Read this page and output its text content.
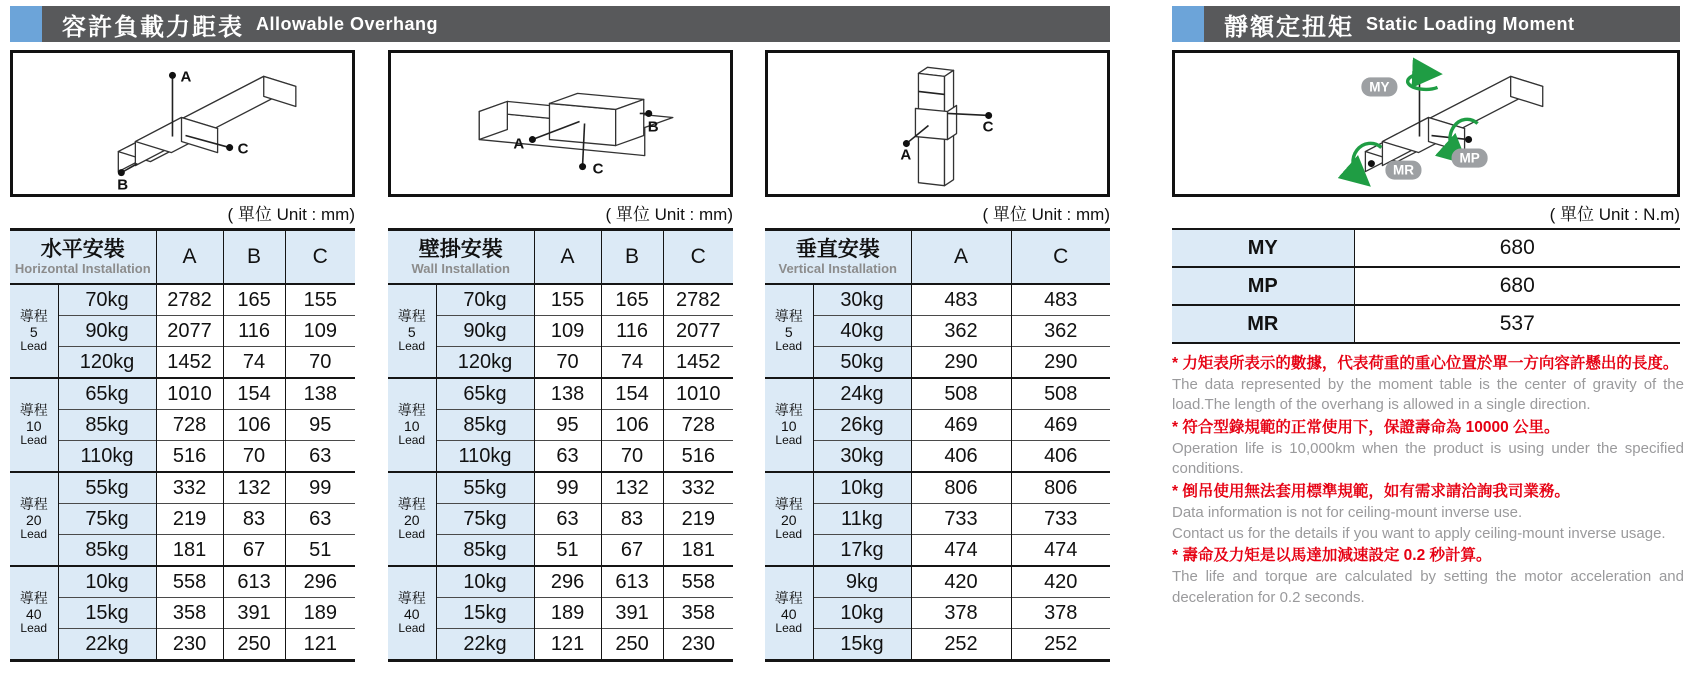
容許負載力距表 Allowable Overhang	靜額定扭矩 Static Loading Moment
A
C
B
A
C
B
A
C
MY
MP
MR
( 單位 Unit : mm)	( 單位 Unit : mm)	( 單位 Unit : mm)	( 單位 Unit : N.m)
水平安裝
Horizontal Installation		A	B	C

導程
5
Lead	70kg	2782	165	155
	90kg	2077	116	109
	120kg	1452	74	70

導程
10
Lead	65kg	1010	154	138
	85kg	728	106	95
	110kg	516	70	63

導程
20
Lead	55kg	332	132	99
	75kg	219	83	63
	85kg	181	67	51

導程
40
Lead	10kg	558	613	296
	15kg	358	391	189
	22kg	230	250	121
壁掛安裝
Wall Installation		A	B	C

導程
5
Lead	70kg	155	165	2782
	90kg	109	116	2077
	120kg	70	74	1452

導程
10
Lead	65kg	138	154	1010
	85kg	95	106	728
	110kg	63	70	516

導程
20
Lead	55kg	99	132	332
	75kg	63	83	219
	85kg	51	67	181

導程
40
Lead	10kg	296	613	558
	15kg	189	391	358
	22kg	121	250	230
垂直安裝
Vertical Installation		A	C

導程
5
Lead	30kg	483	483
	40kg	362	362
	50kg	290	290

導程
10
Lead	24kg	508	508
	26kg	469	469
	30kg	406	406

導程
20
Lead	10kg	806	806
	11kg	733	733
	17kg	474	474

導程
40
Lead	9kg	420	420
	10kg	378	378
	15kg	252	252
MY	680
MP	680
MR	537
* 力矩表所表示的數據，代表荷重的重心位置於單一方向容許懸出的長度。
The data represented by the moment table is the center of gravity of the load.The length of the overhang is allowed in a single direction.
* 符合型錄規範的正常使用下，保證壽命為 10000 公里。
Operation life is 10,000km when the product is using under the specified conditions.
* 倒吊使用無法套用標準規範，如有需求請洽詢我司業務。
Data information is not for ceiling-mount inverse use.
Contact us for the details if you want to apply ceiling-mount inverse usage.
* 壽命及力矩是以馬達加減速設定 0.2 秒計算。
The life and torque are calculated by setting the motor acceleration and deceleration for 0.2 seconds.
